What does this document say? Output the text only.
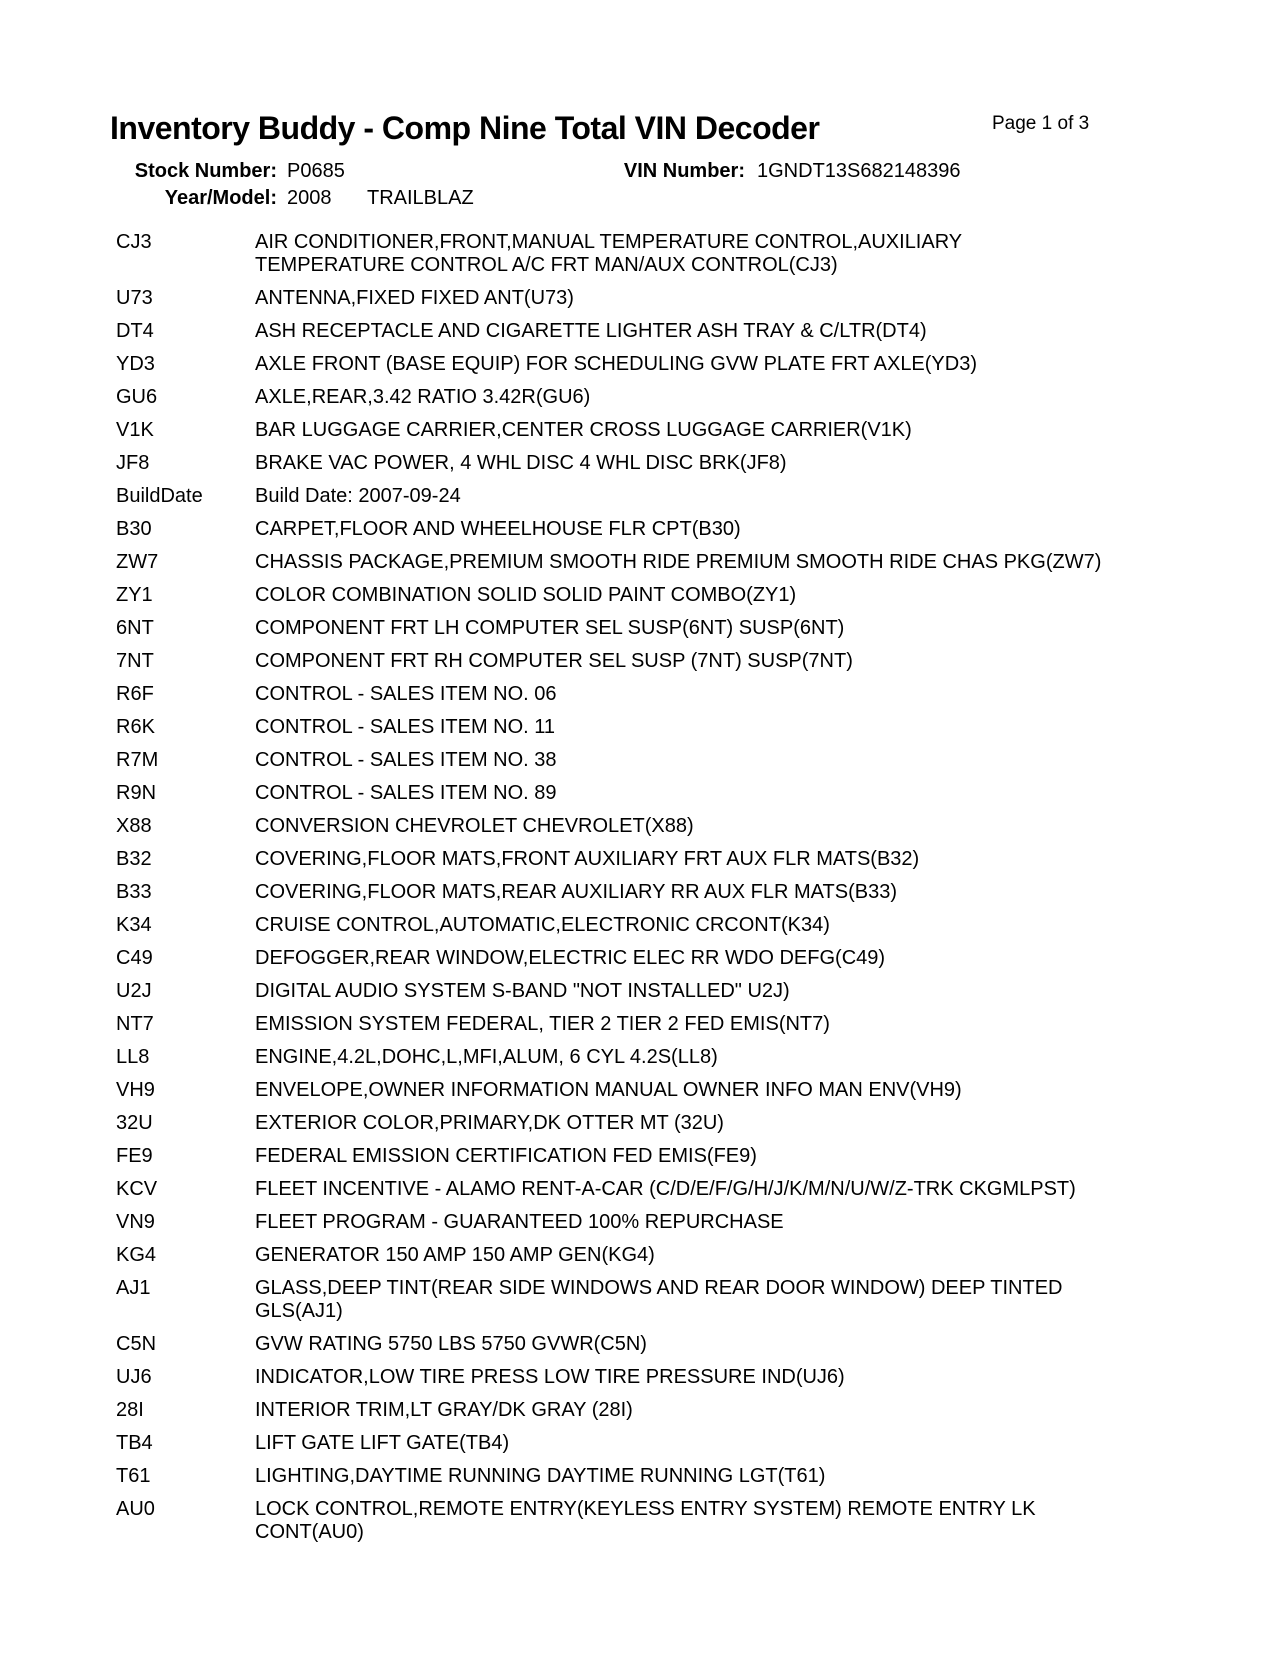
Inventory Buddy - Comp Nine Total VIN Decoder	Page 1 of 3
Stock Number: P0685	VIN Number: 1GNDT13S682148396
Year/Model: 2008 TRAILBLAZ
CJ3	AIR CONDITIONER,FRONT,MANUAL TEMPERATURE CONTROL,AUXILIARY
TEMPERATURE CONTROL A/C FRT MAN/AUX CONTROL(CJ3)
U73	ANTENNA,FIXED FIXED ANT(U73)
DT4	ASH RECEPTACLE AND CIGARETTE LIGHTER ASH TRAY & C/LTR(DT4)
YD3	AXLE FRONT (BASE EQUIP) FOR SCHEDULING GVW PLATE FRT AXLE(YD3)
GU6	AXLE,REAR,3.42 RATIO 3.42R(GU6)
V1K	BAR LUGGAGE CARRIER,CENTER CROSS LUGGAGE CARRIER(V1K)
JF8	BRAKE VAC POWER, 4 WHL DISC 4 WHL DISC BRK(JF8)
BuildDate	Build Date: 2007-09-24
B30	CARPET,FLOOR AND WHEELHOUSE FLR CPT(B30)
ZW7	CHASSIS PACKAGE,PREMIUM SMOOTH RIDE PREMIUM SMOOTH RIDE CHAS PKG(ZW7)
ZY1	COLOR COMBINATION SOLID SOLID PAINT COMBO(ZY1)
6NT	COMPONENT FRT LH COMPUTER SEL SUSP(6NT) SUSP(6NT)
7NT	COMPONENT FRT RH COMPUTER SEL SUSP (7NT) SUSP(7NT)
R6F	CONTROL - SALES ITEM NO. 06
R6K	CONTROL - SALES ITEM NO. 11
R7M	CONTROL - SALES ITEM NO. 38
R9N	CONTROL - SALES ITEM NO. 89
X88	CONVERSION CHEVROLET CHEVROLET(X88)
B32	COVERING,FLOOR MATS,FRONT AUXILIARY FRT AUX FLR MATS(B32)
B33	COVERING,FLOOR MATS,REAR AUXILIARY RR AUX FLR MATS(B33)
K34	CRUISE CONTROL,AUTOMATIC,ELECTRONIC CRCONT(K34)
C49	DEFOGGER,REAR WINDOW,ELECTRIC ELEC RR WDO DEFG(C49)
U2J	DIGITAL AUDIO SYSTEM S-BAND "NOT INSTALLED" U2J)
NT7	EMISSION SYSTEM FEDERAL, TIER 2 TIER 2 FED EMIS(NT7)
LL8	ENGINE,4.2L,DOHC,L,MFI,ALUM, 6 CYL 4.2S(LL8)
VH9	ENVELOPE,OWNER INFORMATION MANUAL OWNER INFO MAN ENV(VH9)
32U	EXTERIOR COLOR,PRIMARY,DK OTTER MT (32U)
FE9	FEDERAL EMISSION CERTIFICATION FED EMIS(FE9)
KCV	FLEET INCENTIVE - ALAMO RENT-A-CAR (C/D/E/F/G/H/J/K/M/N/U/W/Z-TRK CKGMLPST)
VN9	FLEET PROGRAM - GUARANTEED 100% REPURCHASE
KG4	GENERATOR 150 AMP 150 AMP GEN(KG4)
AJ1	GLASS,DEEP TINT(REAR SIDE WINDOWS AND REAR DOOR WINDOW) DEEP TINTED
GLS(AJ1)
C5N	GVW RATING 5750 LBS 5750 GVWR(C5N)
UJ6	INDICATOR,LOW TIRE PRESS LOW TIRE PRESSURE IND(UJ6)
28I	INTERIOR TRIM,LT GRAY/DK GRAY (28I)
TB4	LIFT GATE LIFT GATE(TB4)
T61	LIGHTING,DAYTIME RUNNING DAYTIME RUNNING LGT(T61)
AU0	LOCK CONTROL,REMOTE ENTRY(KEYLESS ENTRY SYSTEM) REMOTE ENTRY LK
CONT(AU0)
